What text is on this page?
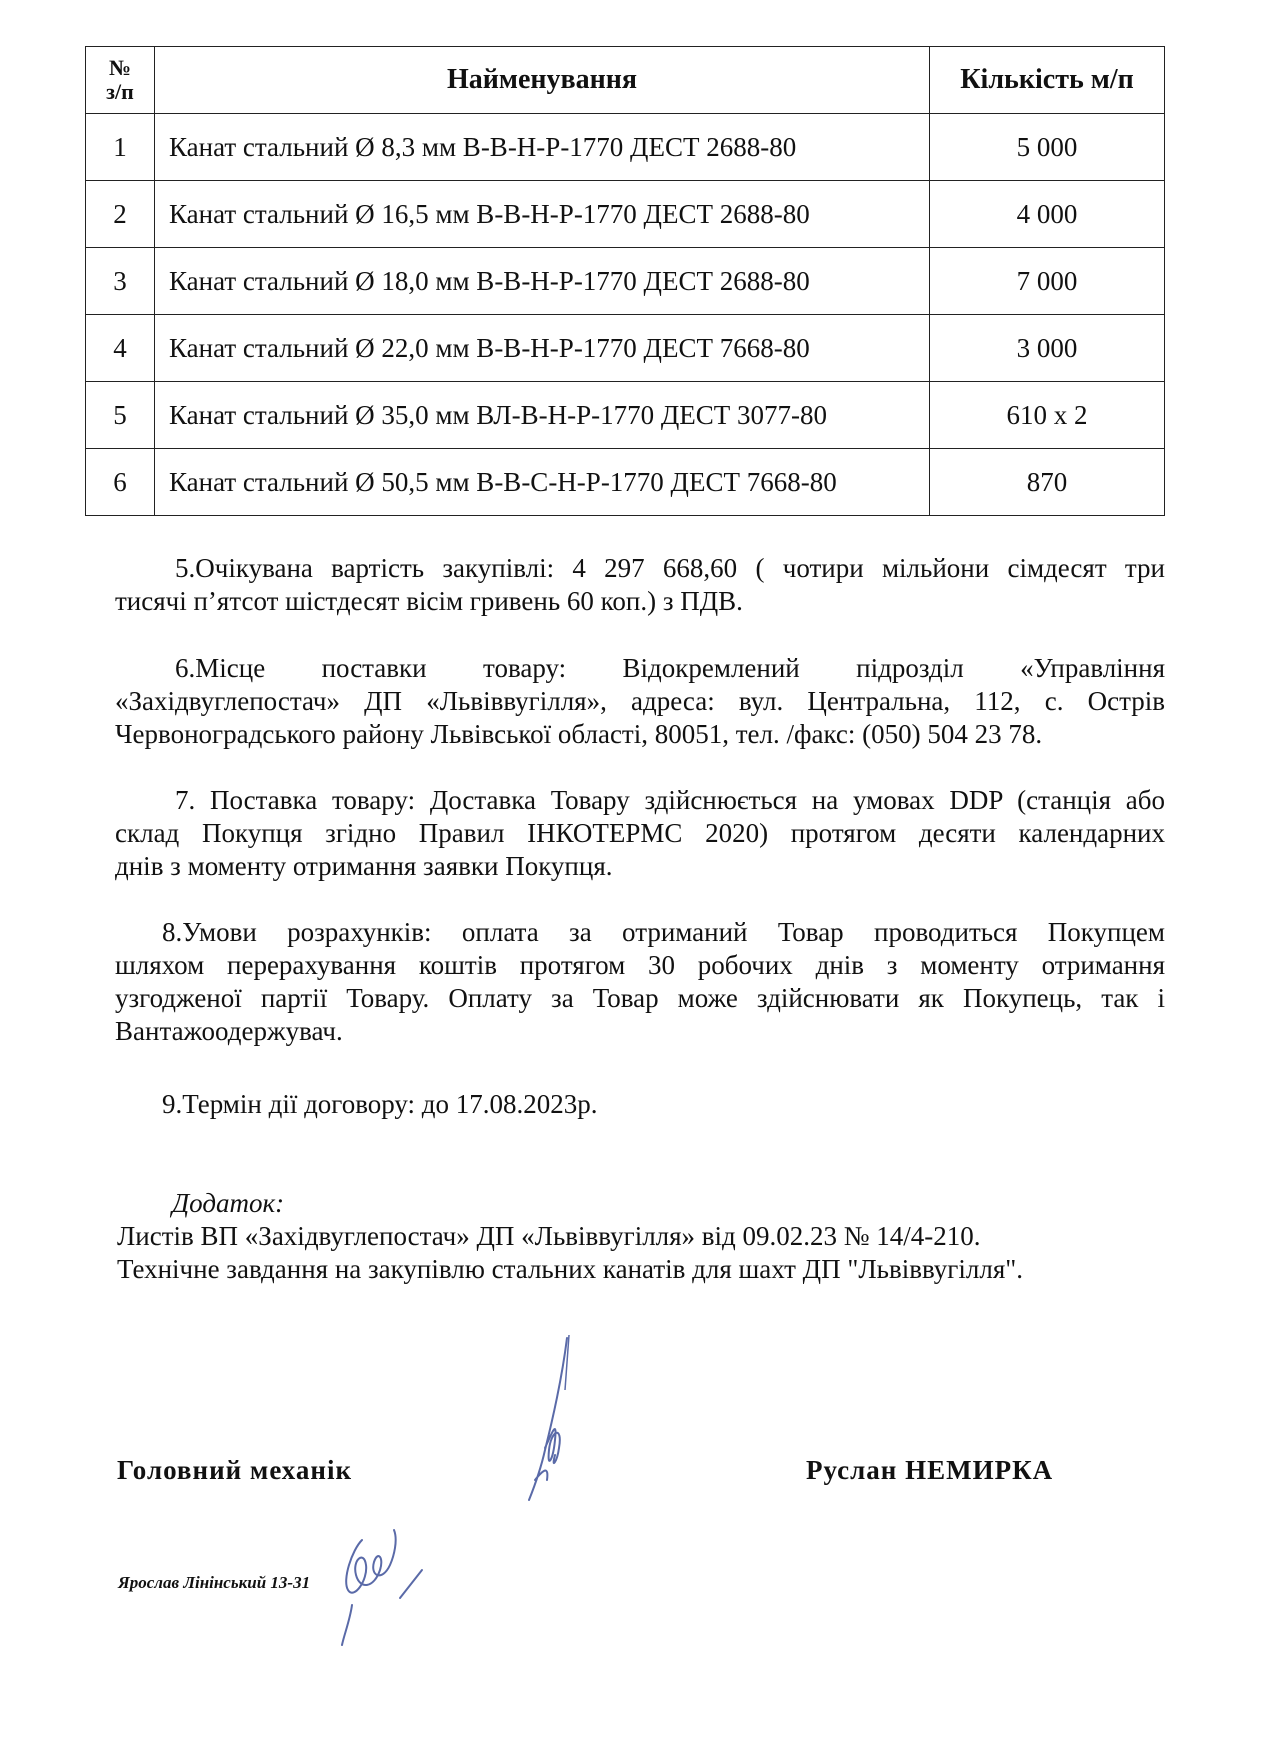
№
з/п	Найменування	Кількість м/п
1	Канат стальний Ø 8,3 мм В-В-Н-Р-1770 ДЕСТ 2688-80	5 000
2	Канат стальний Ø 16,5 мм В-В-Н-Р-1770 ДЕСТ 2688-80	4 000
3	Канат стальний Ø 18,0 мм В-В-Н-Р-1770 ДЕСТ 2688-80	7 000
4	Канат стальний Ø 22,0 мм В-В-Н-Р-1770 ДЕСТ 7668-80	3 000
5	Канат стальний Ø 35,0 мм ВЛ-В-Н-Р-1770 ДЕСТ 3077-80	610 х 2
6	Канат стальний Ø 50,5 мм В-В-С-Н-Р-1770 ДЕСТ 7668-80	870
5.Очікувана вартість закупівлі: 4 297 668,60 ( чотири мільйони сімдесят три
тисячі п’ятсот шістдесят вісім гривень 60 коп.) з ПДВ.
6.Місце поставки товару: Відокремлений підрозділ «Управління
«Західвуглепостач» ДП «Львіввугілля», адреса: вул. Центральна, 112, с. Острів
Червоноградського району Львівської області, 80051, тел. /факс: (050) 504 23 78.
7. Поставка товару: Доставка Товару здійснюється на умовах DDP (станція або
склад Покупця згідно Правил ІНКОТЕРМС 2020) протягом десяти календарних
днів з моменту отримання заявки Покупця.
8.Умови розрахунків: оплата за отриманий Товар проводиться Покупцем
шляхом перерахування коштів протягом 30 робочих днів з моменту отримання
узгодженої партії Товару. Оплату за Товар може здійснювати як Покупець, так і
Вантажоодержувач.
9.Термін дії договору: до 17.08.2023р.
Додаток:
Листів ВП «Західвуглепостач» ДП «Львіввугілля» від 09.02.23 № 14/4-210.
Технічне завдання на закупівлю стальних канатів для шахт ДП "Львіввугілля".
Головний механік	Руслан НЕМИРКА
Ярослав Лінінський 13-31
